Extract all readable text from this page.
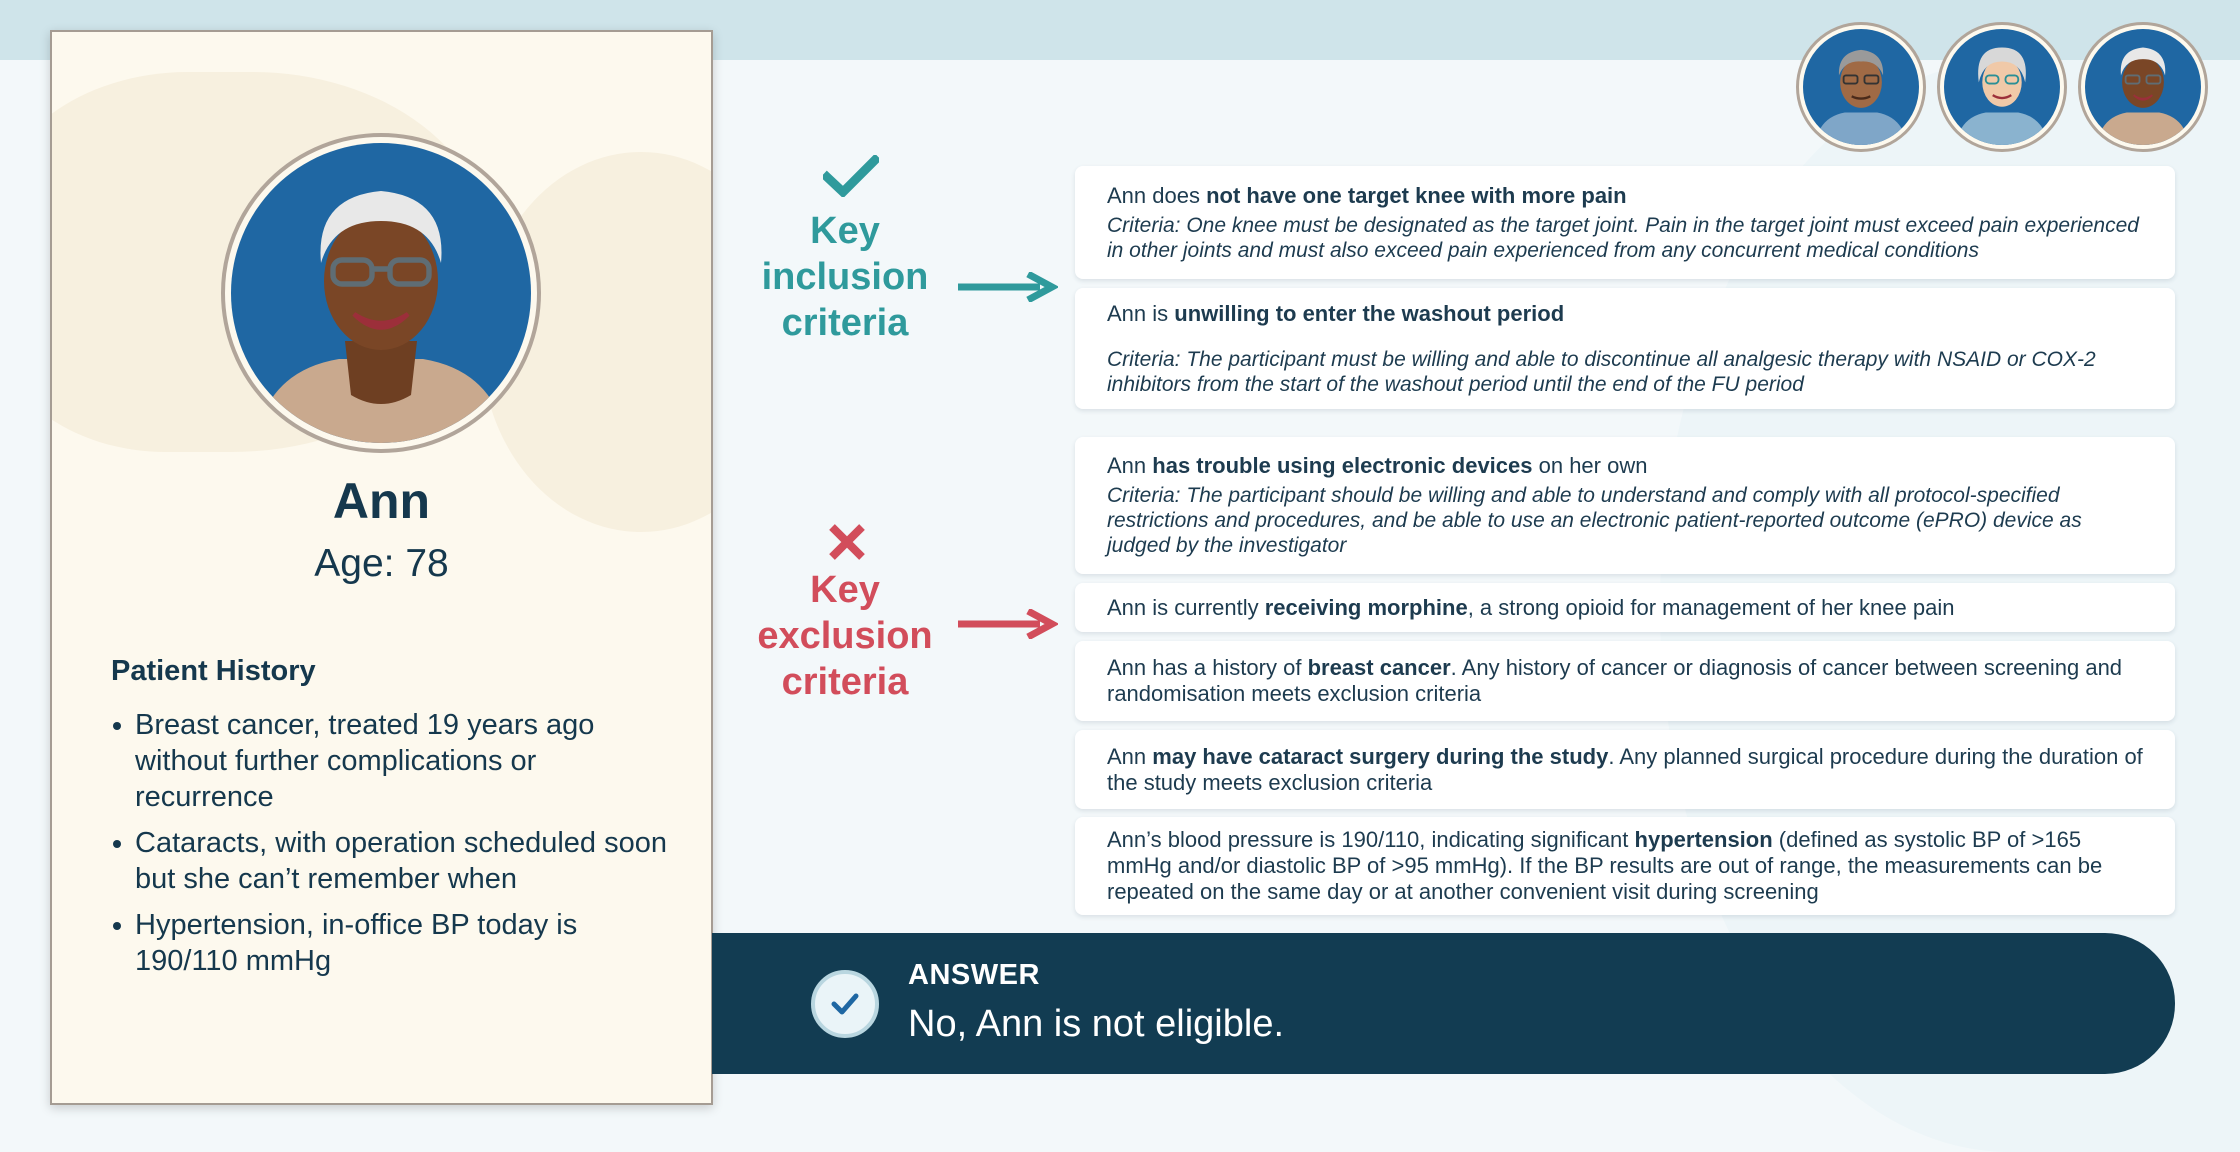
Ann
Age: 78
Patient History
Breast cancer, treated 19 years ago without further complications or recurrence
Cataracts, with operation scheduled soon but she can’t remember when
Hypertension, in-office BP today is 190/110 mmHg
Key inclusion criteria
Key exclusion criteria
Ann does not have one target knee with more pain
Criteria: One knee must be designated as the target joint. Pain in the target joint must exceed pain experienced in other joints and must also exceed pain experienced from any concurrent medical conditions
Ann is unwilling to enter the washout period
Criteria: The participant must be willing and able to discontinue all analgesic therapy with NSAID or COX-2 inhibitors from the start of the washout period until the end of the FU period
Ann has trouble using electronic devices on her own
Criteria: The participant should be willing and able to understand and comply with all protocol-specified restrictions and procedures, and be able to use an electronic patient-reported outcome (ePRO) device as judged by the investigator
Ann is currently receiving morphine, a strong opioid for management of her knee pain
Ann has a history of breast cancer. Any history of cancer or diagnosis of cancer between screening and randomisation meets exclusion criteria
Ann may have cataract surgery during the study. Any planned surgical procedure during the duration of the study meets exclusion criteria
Ann’s blood pressure is 190/110, indicating significant hypertension (defined as systolic BP of >165 mmHg and/or diastolic BP of >95 mmHg). If the BP results are out of range, the measurements can be repeated on the same day or at another convenient visit during screening
ANSWER
No, Ann is not eligible.
